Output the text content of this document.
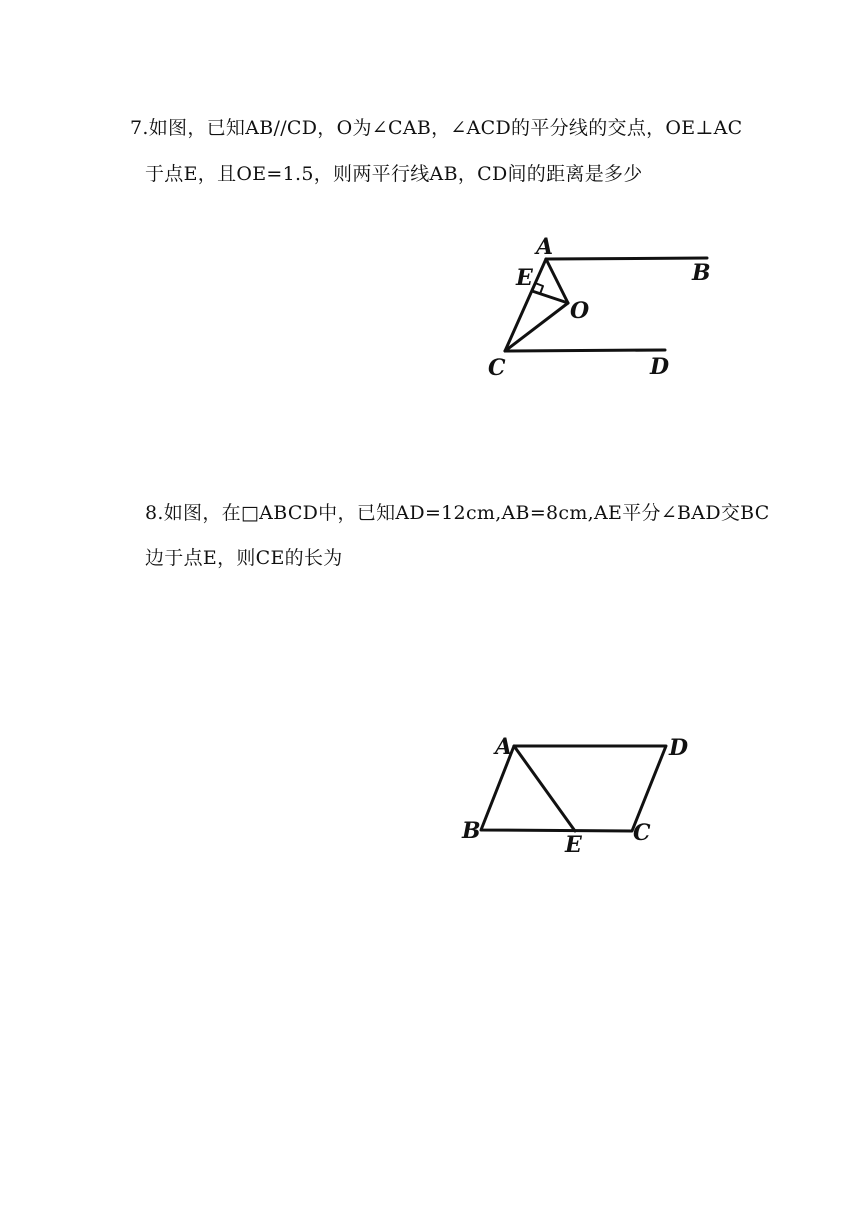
7.如图，已知AB//CD，O为∠CAB，∠ACD的平分线的交点，OE⊥AC
于点E，且OE=1.5，则两平行线AB，CD间的距离是多少
A
B
E
O
C	D
8.如图，在□ABCD中，已知AD=12cm,AB=8cm,AE平分∠BAD交BC
边于点E，则CE的长为
A	D
B
E C
